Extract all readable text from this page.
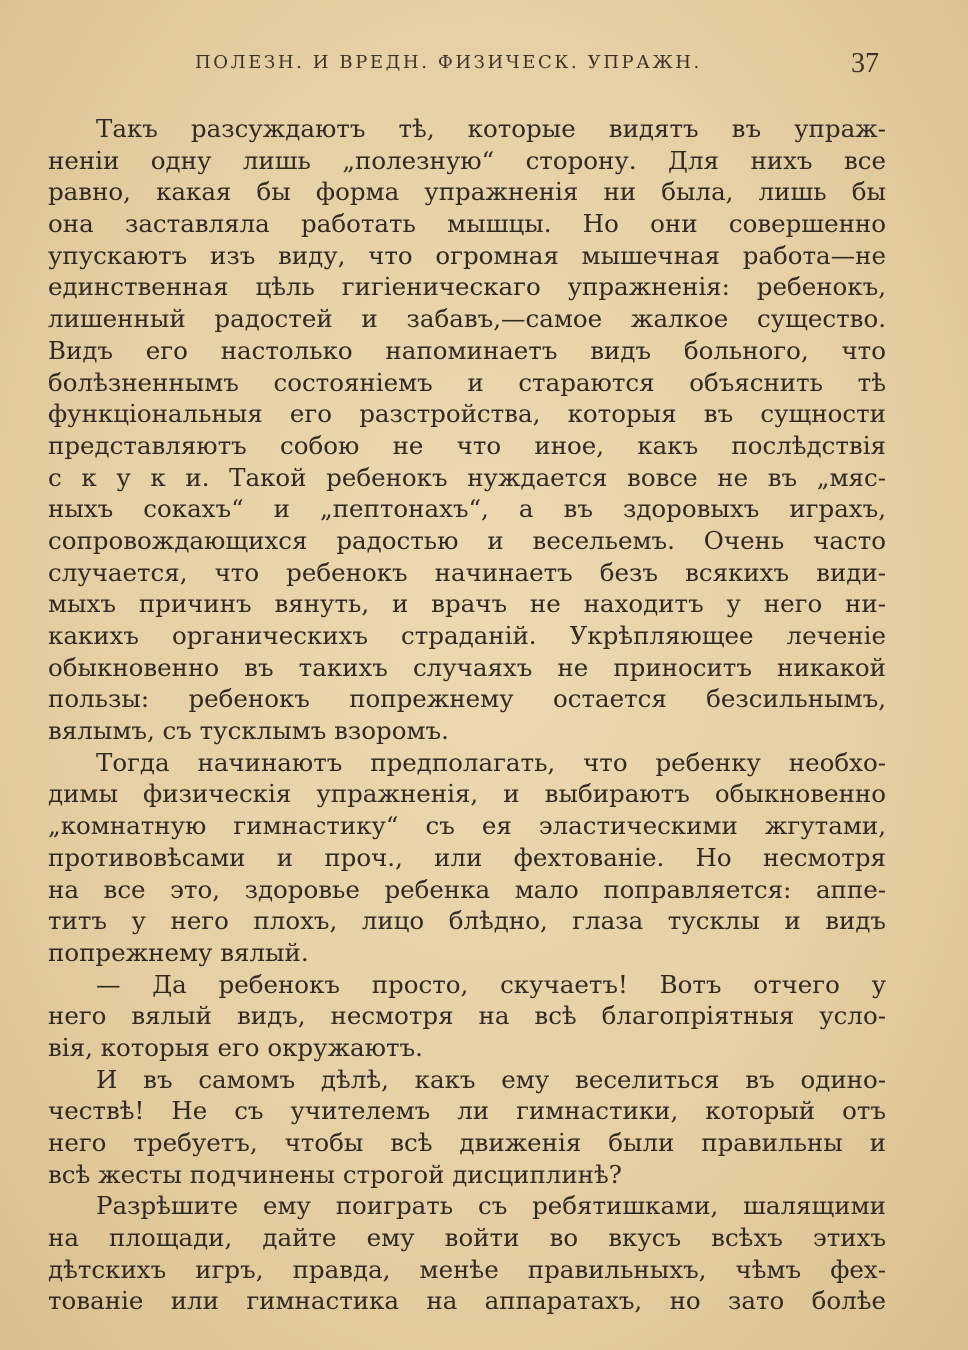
ПОЛЕЗН. И ВРЕДН. ФИЗИЧЕСК. УПРАЖН.	37
Такъ разсуждаютъ тѣ, которые видятъ въ упраж-
неніи одну лишь „полезную“ сторону. Для нихъ все
равно, какая бы форма упражненія ни была, лишь бы
она заставляла работать мышцы. Но они совершенно
упускаютъ изъ виду, что огромная мышечная работа—не
единственная цѣль гигіеническаго упражненія: ребенокъ,
лишенный радостей и забавъ,—самое жалкое существо.
Видъ его настолько напоминаетъ видъ больного, что
болѣзненнымъ состояніемъ и стараются объяснить тѣ
функціональныя его разстройства, которыя въ сущности
представляютъ собою не что иное, какъ послѣдствія
с к у к и. Такой ребенокъ нуждается вовсе не въ „мяс-
ныхъ сокахъ“ и „пептонахъ“, а въ здоровыхъ играхъ,
сопровождающихся радостью и весельемъ. Очень часто
случается, что ребенокъ начинаетъ безъ всякихъ види-
мыхъ причинъ вянуть, и врачъ не находитъ у него ни-
какихъ органическихъ страданій. Укрѣпляющее леченіе
обыкновенно въ такихъ случаяхъ не приноситъ никакой
пользы: ребенокъ попрежнему остается безсильнымъ,
вялымъ, съ тусклымъ взоромъ.
Тогда начинаютъ предполагать, что ребенку необхо-
димы физическія упражненія, и выбираютъ обыкновенно
„комнатную гимнастику“ съ ея эластическими жгутами,
противовѣсами и проч., или фехтованіе. Но несмотря
на все это, здоровье ребенка мало поправляется: аппе-
титъ у него плохъ, лицо блѣдно, глаза тусклы и видъ
попрежнему вялый.
— Да ребенокъ просто, скучаетъ! Вотъ отчего у
него вялый видъ, несмотря на всѣ благопріятныя усло-
вія, которыя его окружаютъ.
И въ самомъ дѣлѣ, какъ ему веселиться въ одино-
чествѣ! Не съ учителемъ ли гимнастики, который отъ
него требуетъ, чтобы всѣ движенія были правильны и
всѣ жесты подчинены строгой дисциплинѣ?
Разрѣшите ему поиграть съ ребятишками, шалящими
на площади, дайте ему войти во вкусъ всѣхъ этихъ
дѣтскихъ игръ, правда, менѣе правильныхъ, чѣмъ фех-
тованіе или гимнастика на аппаратахъ, но зато болѣе
